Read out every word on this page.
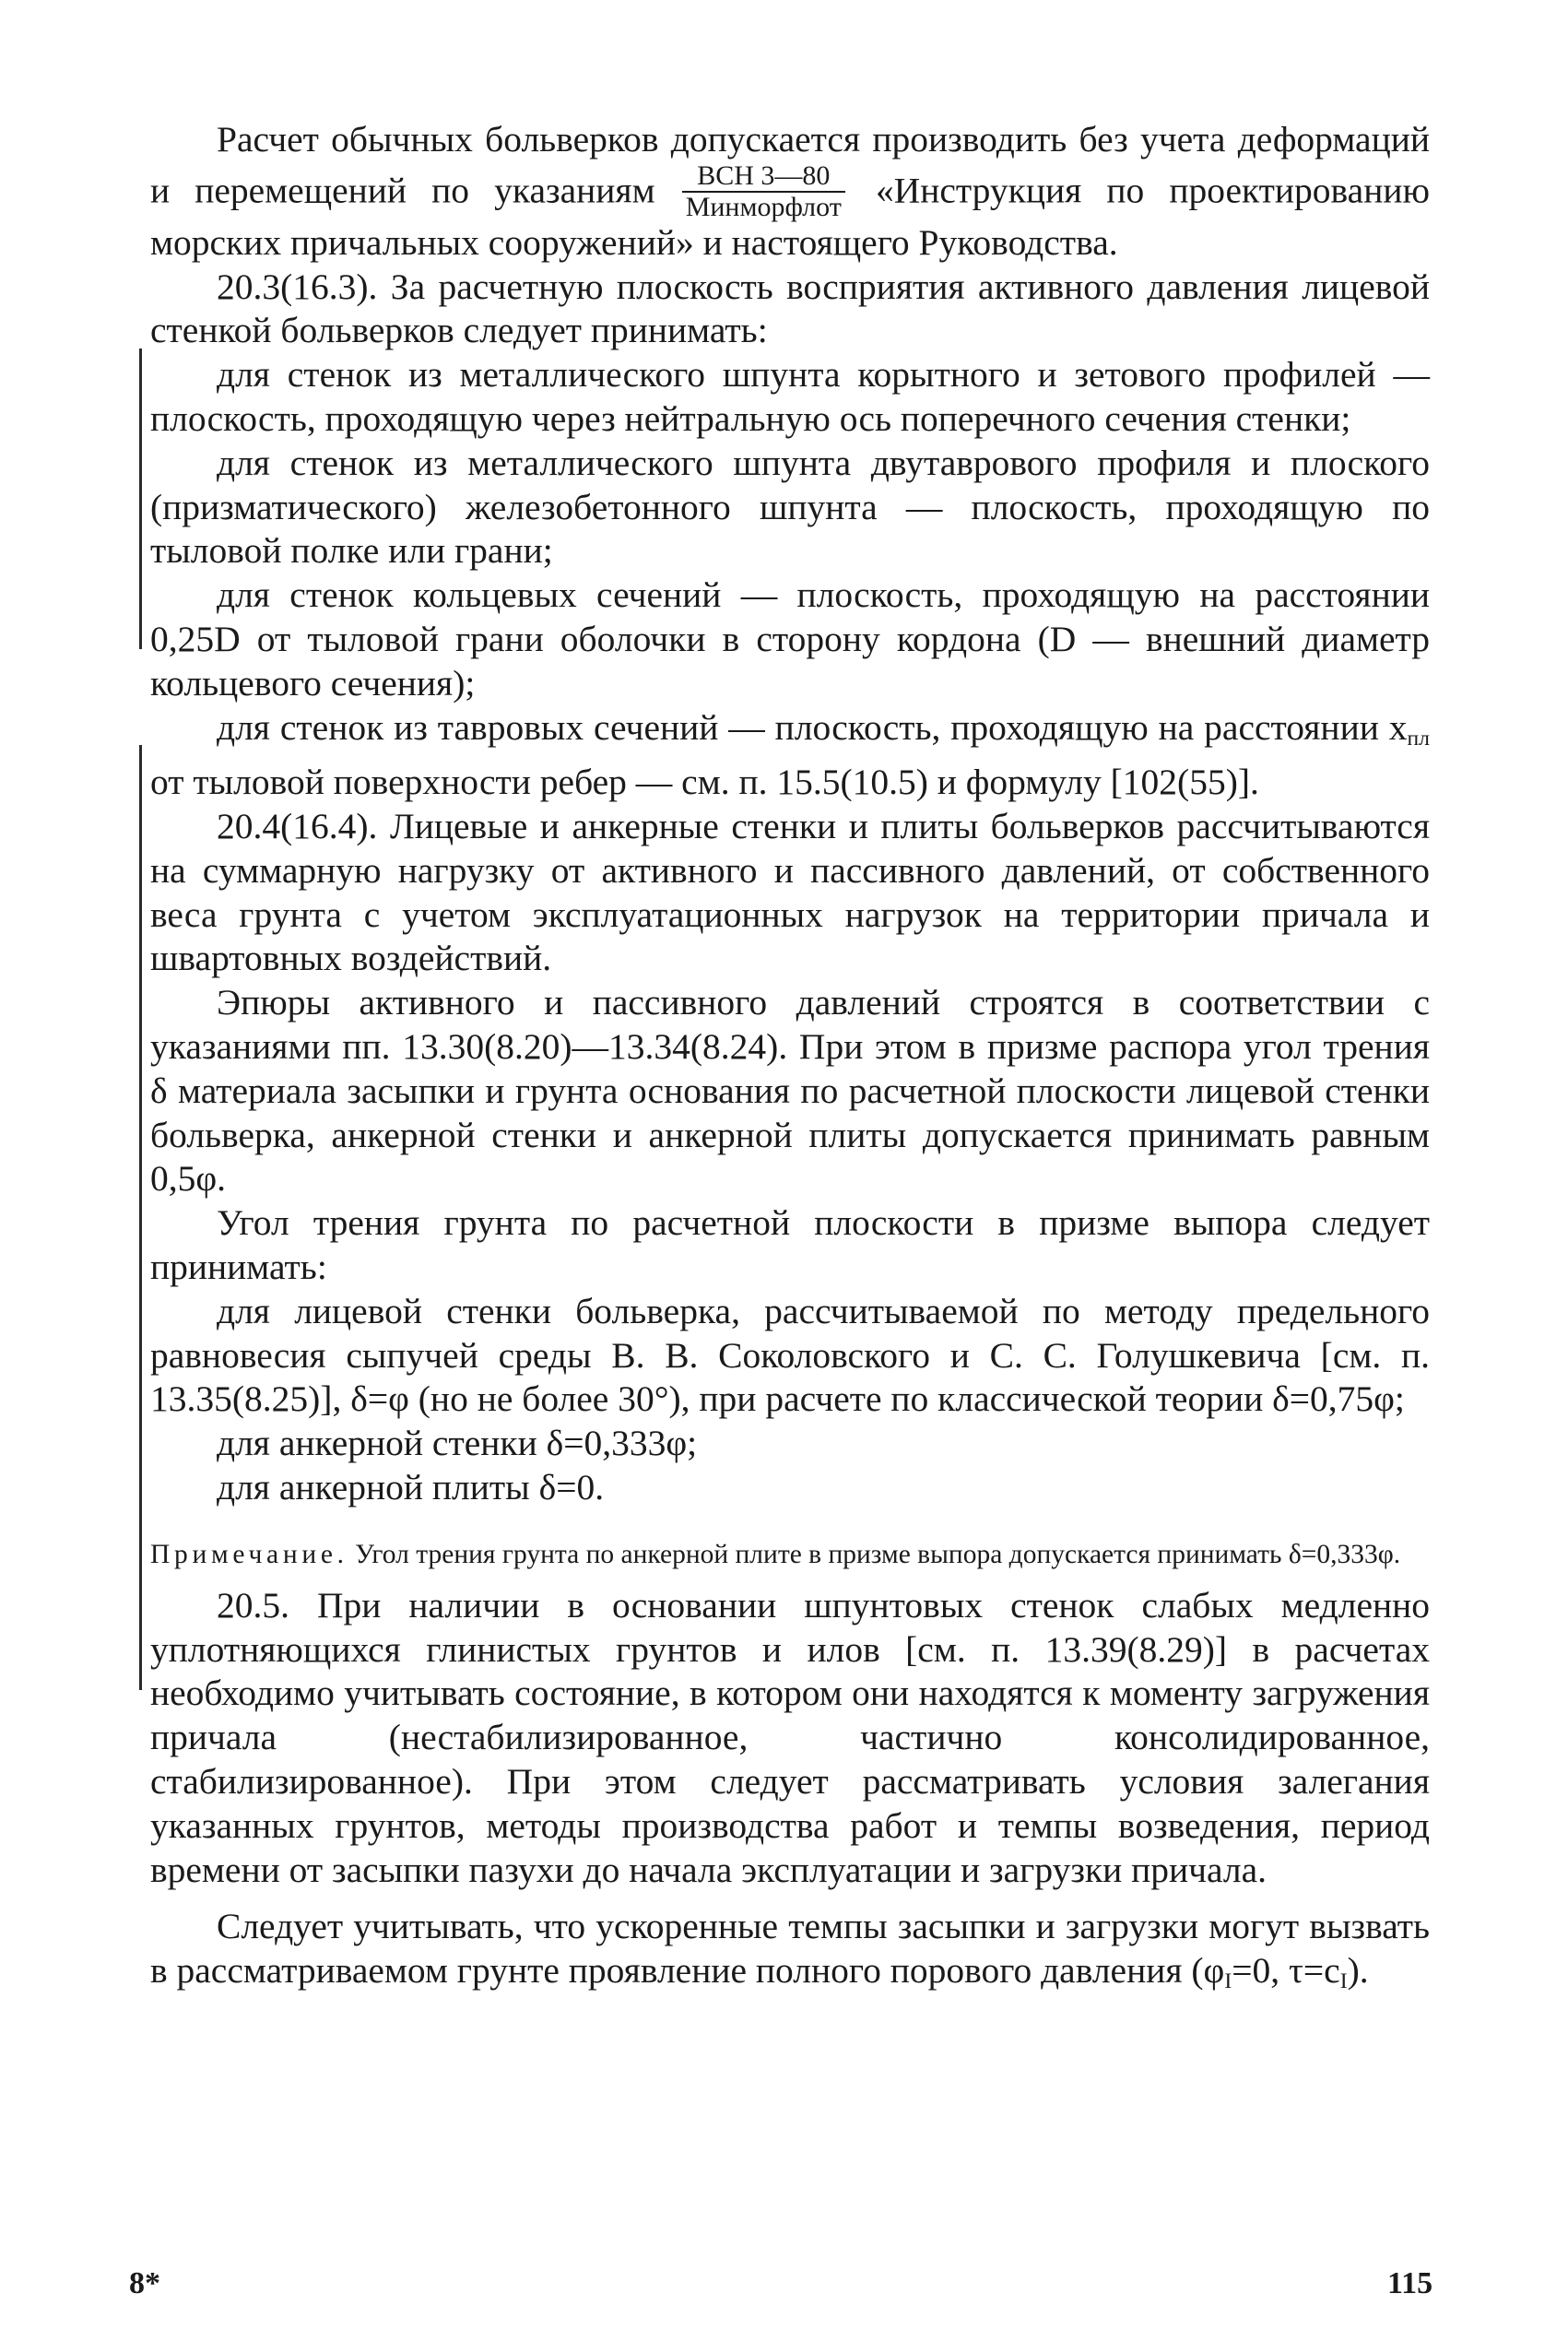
Расчет обычных больверков допускается производить без учета деформаций и перемещений по указаниям $\frac{\text{ВСН 3—80}}{\text{Минморфлот}}$ «Инструкция по проектированию морских причальных сооружений» и настоящего Руководства.

20.3(16.3). За расчетную плоскость восприятия активного давления лицевой стенкой больверков следует принимать:

для стенок из металлического шпунта корытного и зетового профилей — плоскость, проходящую через нейтральную ось поперечного сечения стенки;

для стенок из металлического шпунта двутаврового профиля и плоского (призматического) железобетонного шпунта — плоскость, проходящую по тыловой полке или грани;

для стенок кольцевых сечений — плоскость, проходящую на расстоянии 0,25D от тыловой грани оболочки в сторону кордона (D — внешний диаметр кольцевого сечения);

для стенок из тавровых сечений — плоскость, проходящую на расстоянии $x_{пл}$ от тыловой поверхности ребер — см. п. 15.5(10.5) и формулу [102(55)].

20.4(16.4). Лицевые и анкерные стенки и плиты больверков рассчитываются на суммарную нагрузку от активного и пассивного давлений, от собственного веса грунта с учетом эксплуатационных нагрузок на территории причала и швартовных воздействий.

Эпюры активного и пассивного давлений строятся в соответствии с указаниями пп. 13.30(8.20)—13.34(8.24). При этом в призме распора угол трения δ материала засыпки и грунта основания по расчетной плоскости лицевой стенки больверка, анкерной стенки и анкерной плиты допускается принимать равным 0,5φ.

Угол трения грунта по расчетной плоскости в призме выпора следует принимать:

для лицевой стенки больверка, рассчитываемой по методу предельного равновесия сыпучей среды В. В. Соколовского и С. С. Голушкевича [см. п. 13.35(8.25)], δ=φ (но не более 30°), при расчете по классической теории δ=0,75φ;

для анкерной стенки δ=0,333φ;

для анкерной плиты δ=0.

Примечание. Угол трения грунта по анкерной плите в призме выпора допускается принимать δ=0,333φ.

20.5. При наличии в основании шпунтовых стенок слабых медленно уплотняющихся глинистых грунтов и илов [см. п. 13.39(8.29)] в расчетах необходимо учитывать состояние, в котором они находятся к моменту загружения причала (нестабилизированное, частично консолидированное, стабилизированное). При этом следует рассматривать условия залегания указанных грунтов, методы производства работ и темпы возведения, период времени от засыпки пазухи до начала эксплуатации и загрузки причала.

Следует учитывать, что ускоренные темпы засыпки и загрузки могут вызвать в рассматриваемом грунте проявление полного порового давления ($\varphi_I=0$, $\tau=c_I$).

8*	115
